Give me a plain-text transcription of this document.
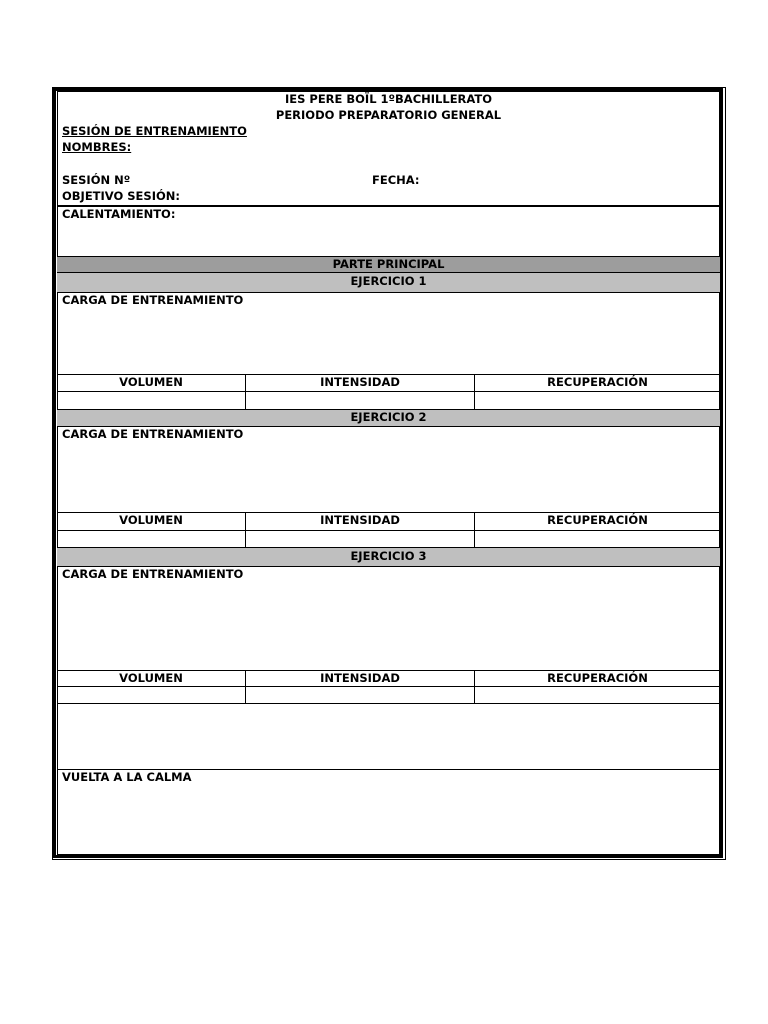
IES PERE BOÏL 1ºBACHILLERATO
PERIODO PREPARATORIO GENERAL
SESIÓN DE ENTRENAMIENTO
NOMBRES:
SESIÓN Nº	FECHA:
OBJETIVO SESIÓN:
CALENTAMIENTO:
PARTE PRINCIPAL
EJERCICIO 1
CARGA DE ENTRENAMIENTO
VOLUMEN	INTENSIDAD	RECUPERACIÓN
EJERCICIO 2
CARGA DE ENTRENAMIENTO
VOLUMEN	INTENSIDAD	RECUPERACIÓN
EJERCICIO 3
CARGA DE ENTRENAMIENTO
VOLUMEN	INTENSIDAD	RECUPERACIÓN
VUELTA A LA CALMA
